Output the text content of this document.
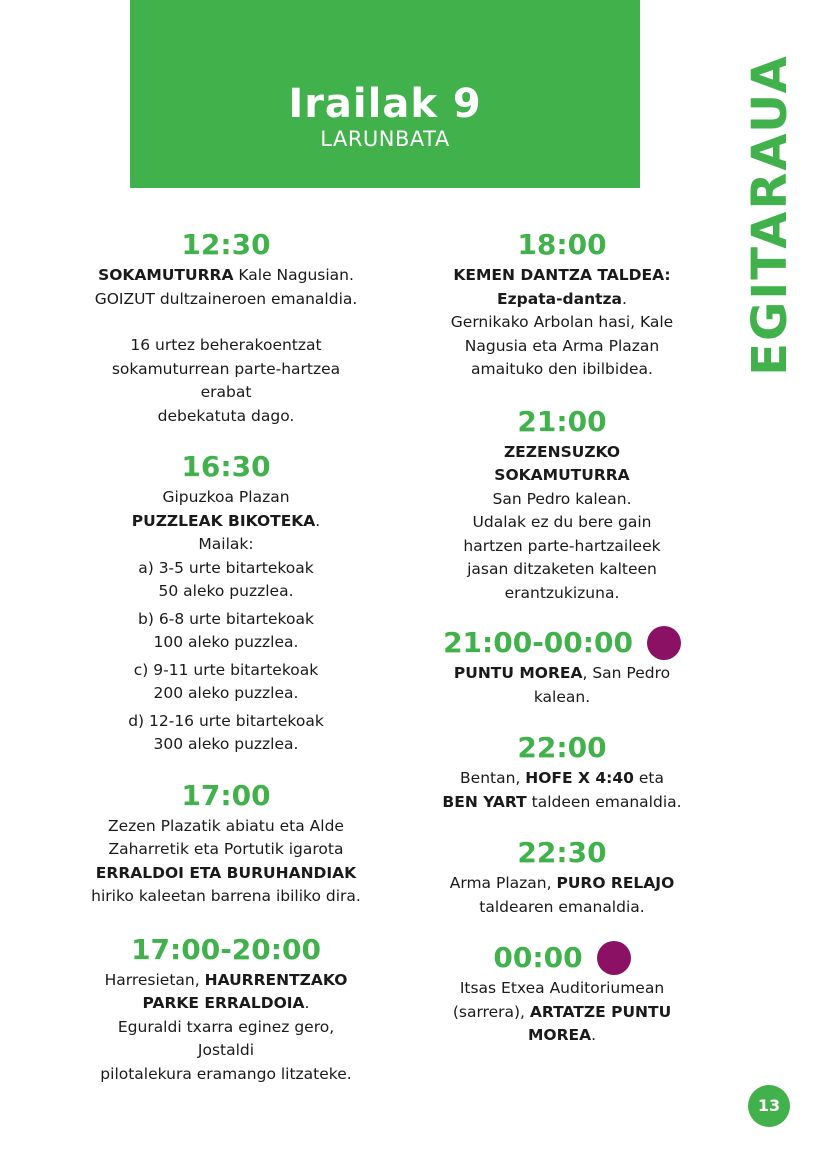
Irailak 9
LARUNBATA	EGITARAUA
12:30

SOKAMUTURRA Kale Nagusian.

GOIZUT dultzaineroen emanaldia.

16 urtez beherakoentzat

sokamuturrean parte-hartzea erabat

debekatuta dago.

16:30

Gipuzkoa Plazan

PUZZLEAK BIKOTEKA.

Mailak:

a) 3-5 urte bitartekoak

50 aleko puzzlea.

b) 6-8 urte bitartekoak

100 aleko puzzlea.

c) 9-11 urte bitartekoak

200 aleko puzzlea.

d) 12-16 urte bitartekoak

300 aleko puzzlea.

17:00

Zezen Plazatik abiatu eta Alde

Zaharretik eta Portutik igarota

ERRALDOI ETA BURUHANDIAK

hiriko kaleetan barrena ibiliko dira.

17:00-20:00

Harresietan, HAURRENTZAKO

PARKE ERRALDOIA.

Eguraldi txarra eginez gero, Jostaldi

pilotalekura eramango litzateke.

18:00

KEMEN DANTZA TALDEA:

Ezpata-dantza.

Gernikako Arbolan hasi, Kale

Nagusia eta Arma Plazan

amaituko den ibilbidea.

21:00

ZEZENSUZKO SOKAMUTURRA

San Pedro kalean.

Udalak ez du bere gain

hartzen parte-hartzaileek

jasan ditzaketen kalteen

erantzukizuna.

21:00-00:00

PUNTU MOREA, San Pedro

kalean.

22:00

Bentan, HOFE X 4:40 eta

BEN YART taldeen emanaldia.

22:30

Arma Plazan, PURO RELAJO

taldearen emanaldia.

00:00

Itsas Etxea Auditoriumean

(sarrera), ARTATZE PUNTU

MOREA.

13
